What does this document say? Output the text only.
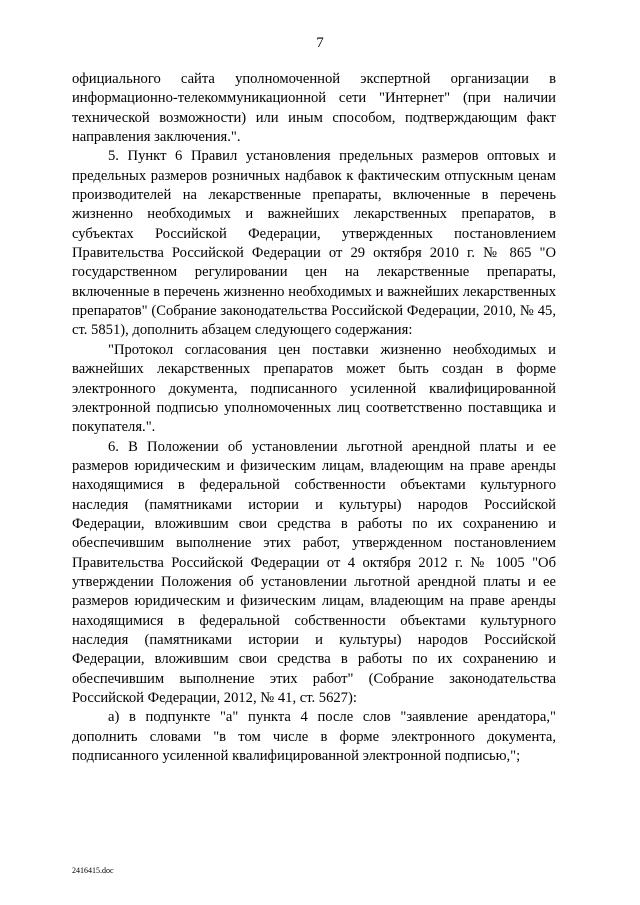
7

официального сайта уполномоченной экспертной организации в информационно-телекоммуникационной сети "Интернет" (при наличии технической возможности) или иным способом, подтверждающим факт направления заключения.".

5. Пункт 6 Правил установления предельных размеров оптовых и предельных размеров розничных надбавок к фактическим отпускным ценам производителей на лекарственные препараты, включенные в перечень жизненно необходимых и важнейших лекарственных препаратов, в субъектах Российской Федерации, утвержденных постановлением Правительства Российской Федерации от 29 октября 2010 г. № 865 "О государственном регулировании цен на лекарственные препараты, включенные в перечень жизненно необходимых и важнейших лекарственных препаратов" (Собрание законодательства Российской Федерации, 2010, № 45, ст. 5851), дополнить абзацем следующего содержания:

"Протокол согласования цен поставки жизненно необходимых и важнейших лекарственных препаратов может быть создан в форме электронного документа, подписанного усиленной квалифицированной электронной подписью уполномоченных лиц соответственно поставщика и покупателя.".

6. В Положении об установлении льготной арендной платы и ее размеров юридическим и физическим лицам, владеющим на праве аренды находящимися в федеральной собственности объектами культурного наследия (памятниками истории и культуры) народов Российской Федерации, вложившим свои средства в работы по их сохранению и обеспечившим выполнение этих работ, утвержденном постановлением Правительства Российской Федерации от 4 октября 2012 г. № 1005 "Об утверждении Положения об установлении льготной арендной платы и ее размеров юридическим и физическим лицам, владеющим на праве аренды находящимися в федеральной собственности объектами культурного наследия (памятниками истории и культуры) народов Российской Федерации, вложившим свои средства в работы по их сохранению и обеспечившим выполнение этих работ" (Собрание законодательства Российской Федерации, 2012, № 41, ст. 5627):

а) в подпункте "а" пункта 4 после слов "заявление арендатора," дополнить словами "в том числе в форме электронного документа, подписанного усиленной квалифицированной электронной подписью,";

2416415.doc
